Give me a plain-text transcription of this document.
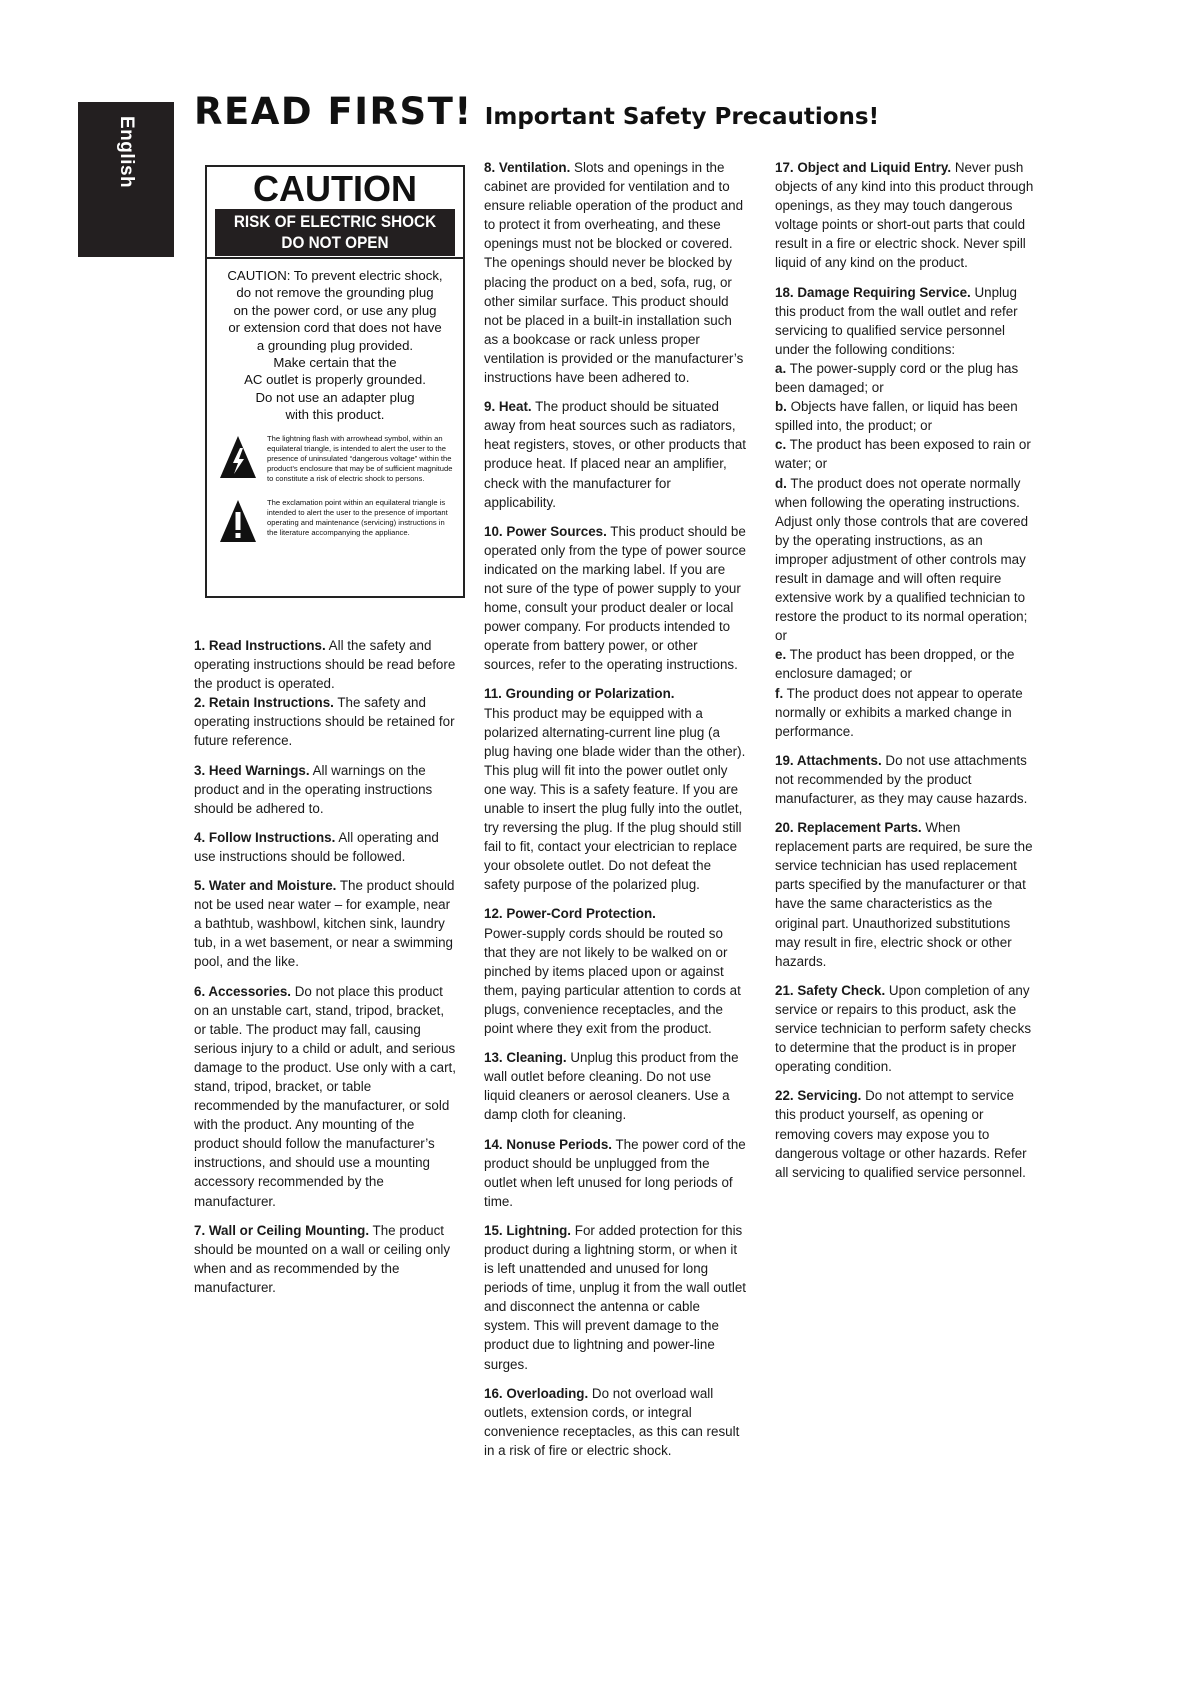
English
READ FIRST! Important Safety Precautions!
CAUTION
RISK OF ELECTRIC SHOCK
DO NOT OPEN
CAUTION: To prevent electric shock,
do not remove the grounding plug
on the power cord, or use any plug
or extension cord that does not have
a grounding plug provided.
Make certain that the
AC outlet is properly grounded.
Do not use an adapter plug
with this product.

The lightning flash with arrowhead symbol, within an equilateral triangle, is intended to alert the user to the presence of uninsulated “dangerous voltage” within the product’s enclosure that may be of sufficient magnitude to constitute a risk of electric shock to persons.

The exclamation point within an equilateral triangle is intended to alert the user to the presence of important operating and maintenance (servicing) instructions in the literature accompanying the appliance.

1. Read Instructions. All the safety and operating instructions should be read before the product is operated.

2. Retain Instructions. The safety and operating instructions should be retained for future reference.

3. Heed Warnings. All warnings on the product and in the operating instructions should be adhered to.

4. Follow Instructions. All operating and use instructions should be followed.

5. Water and Moisture. The product should not be used near water – for example, near a bathtub, washbowl, kitchen sink, laundry tub, in a wet basement, or near a swimming pool, and the like.

6. Accessories. Do not place this product on an unstable cart, stand, tripod, bracket, or table. The product may fall, causing serious injury to a child or adult, and serious damage to the product. Use only with a cart, stand, tripod, bracket, or table recommended by the manufacturer, or sold with the product. Any mounting of the product should follow the manufacturer’s instructions, and should use a mounting accessory recommended by the manufacturer.

7. Wall or Ceiling Mounting. The product should be mounted on a wall or ceiling only when and as recommended by the manufacturer.

8. Ventilation. Slots and openings in the cabinet are provided for ventilation and to ensure reliable operation of the product and to protect it from overheating, and these openings must not be blocked or covered. The openings should never be blocked by placing the product on a bed, sofa, rug, or other similar surface. This product should not be placed in a built-in installation such as a bookcase or rack unless proper ventilation is provided or the manufacturer’s instructions have been adhered to.

9. Heat. The product should be situated away from heat sources such as radiators, heat registers, stoves, or other products that produce heat. If placed near an amplifier, check with the manufacturer for applicability.

10. Power Sources. This product should be operated only from the type of power source indicated on the marking label. If you are not sure of the type of power supply to your home, consult your product dealer or local power company. For products intended to operate from battery power, or other sources, refer to the operating instructions.

11. Grounding or Polarization.
This product may be equipped with a polarized alternating-current line plug (a plug having one blade wider than the other). This plug will fit into the power outlet only one way. This is a safety feature. If you are unable to insert the plug fully into the outlet, try reversing the plug. If the plug should still fail to fit, contact your electrician to replace your obsolete outlet. Do not defeat the safety purpose of the polarized plug.

12. Power-Cord Protection.
Power-supply cords should be routed so that they are not likely to be walked on or pinched by items placed upon or against them, paying particular attention to cords at plugs, convenience receptacles, and the point where they exit from the product.

13. Cleaning. Unplug this product from the wall outlet before cleaning. Do not use liquid cleaners or aerosol cleaners. Use a damp cloth for cleaning.

14. Nonuse Periods. The power cord of the product should be unplugged from the outlet when left unused for long periods of time.

15. Lightning. For added protection for this product during a lightning storm, or when it is left unattended and unused for long periods of time, unplug it from the wall outlet and disconnect the antenna or cable system. This will prevent damage to the product due to lightning and power-line surges.

16. Overloading. Do not overload wall outlets, extension cords, or integral convenience receptacles, as this can result in a risk of fire or electric shock.

17. Object and Liquid Entry. Never push objects of any kind into this product through openings, as they may touch dangerous voltage points or short-out parts that could result in a fire or electric shock. Never spill liquid of any kind on the product.

18. Damage Requiring Service. Unplug this product from the wall outlet and refer servicing to qualified service personnel under the following conditions:

a. The power-supply cord or the plug has been damaged; or

b. Objects have fallen, or liquid has been spilled into, the product; or

c. The product has been exposed to rain or water; or

d. The product does not operate normally when following the operating instructions. Adjust only those controls that are covered by the operating instructions, as an improper adjustment of other controls may result in damage and will often require extensive work by a qualified technician to restore the product to its normal operation; or

e. The product has been dropped, or the enclosure damaged; or

f. The product does not appear to operate normally or exhibits a marked change in performance.

19. Attachments. Do not use attachments not recommended by the product manufacturer, as they may cause hazards.

20. Replacement Parts. When replacement parts are required, be sure the service technician has used replacement parts specified by the manufacturer or that have the same characteristics as the original part. Unauthorized substitutions may result in fire, electric shock or other hazards.

21. Safety Check. Upon completion of any service or repairs to this product, ask the service technician to perform safety checks to determine that the product is in proper operating condition.

22. Servicing. Do not attempt to service this product yourself, as opening or removing covers may expose you to dangerous voltage or other hazards. Refer all servicing to qualified service personnel.
